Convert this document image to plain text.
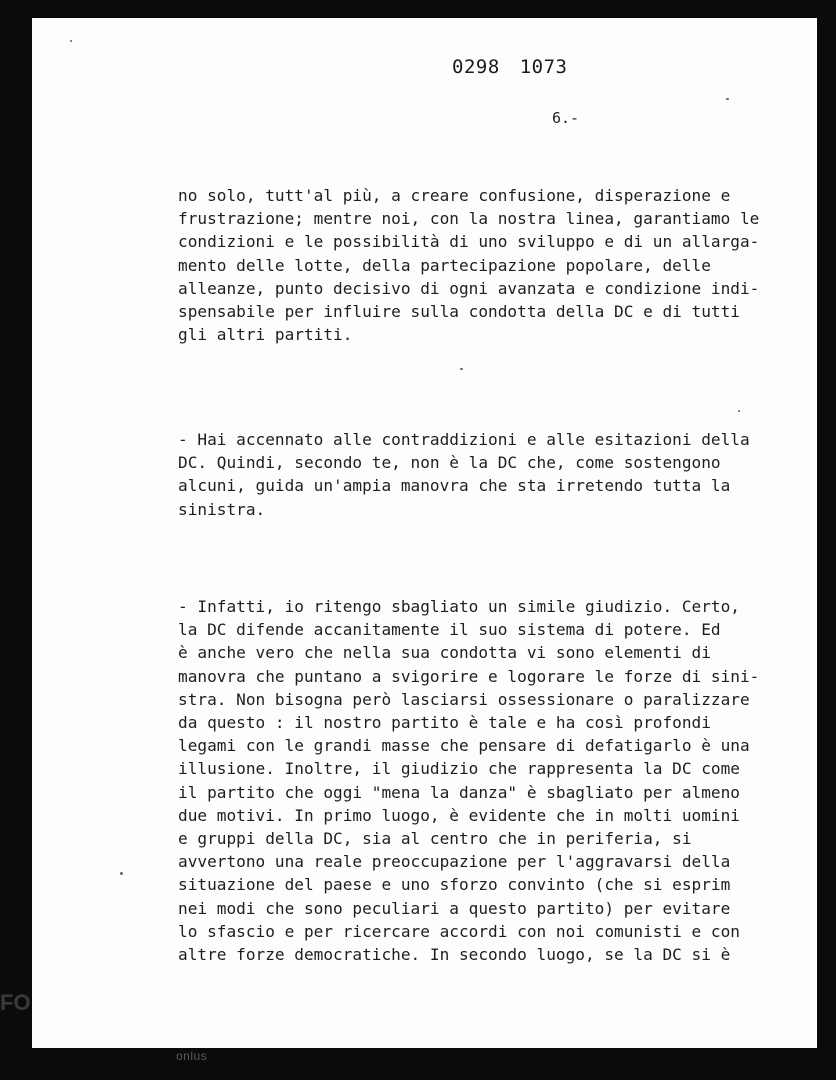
0298 1073
6.-
no solo, tutt'al più, a creare confusione, disperazione e
frustrazione; mentre noi, con la nostra linea, garantiamo le
condizioni e le possibilità di uno sviluppo e di un allarga-
mento delle lotte, della partecipazione popolare, delle
alleanze, punto decisivo di ogni avanzata e condizione indi-
spensabile per influire sulla condotta della DC e di tutti
gli altri partiti.
- Hai accennato alle contraddizioni e alle esitazioni della
DC. Quindi, secondo te, non è la DC che, come sostengono
alcuni, guida un'ampia manovra che sta irretendo tutta la
sinistra.
- Infatti, io ritengo sbagliato un simile giudizio. Certo,
la DC difende accanitamente il suo sistema di potere. Ed
è anche vero che nella sua condotta vi sono elementi di
manovra che puntano a svigorire e logorare le forze di sini-
stra. Non bisogna però lasciarsi ossessionare o paralizzare
da questo : il nostro partito è tale e ha così profondi
legami con le grandi masse che pensare di defatigarlo è una
illusione. Inoltre, il giudizio che rappresenta la DC come
il partito che oggi "mena la danza" è sbagliato per almeno
due motivi. In primo luogo, è evidente che in molti uomini
e gruppi della DC, sia al centro che in periferia, si
avvertono una reale preoccupazione per l'aggravarsi della
situazione del paese e uno sforzo convinto (che si esprim
nei modi che sono peculiari a questo partito) per evitare
lo sfascio e per ricercare accordi con noi comunisti e con
altre forze democratiche. In secondo luogo, se la DC si è
FO
onlus
